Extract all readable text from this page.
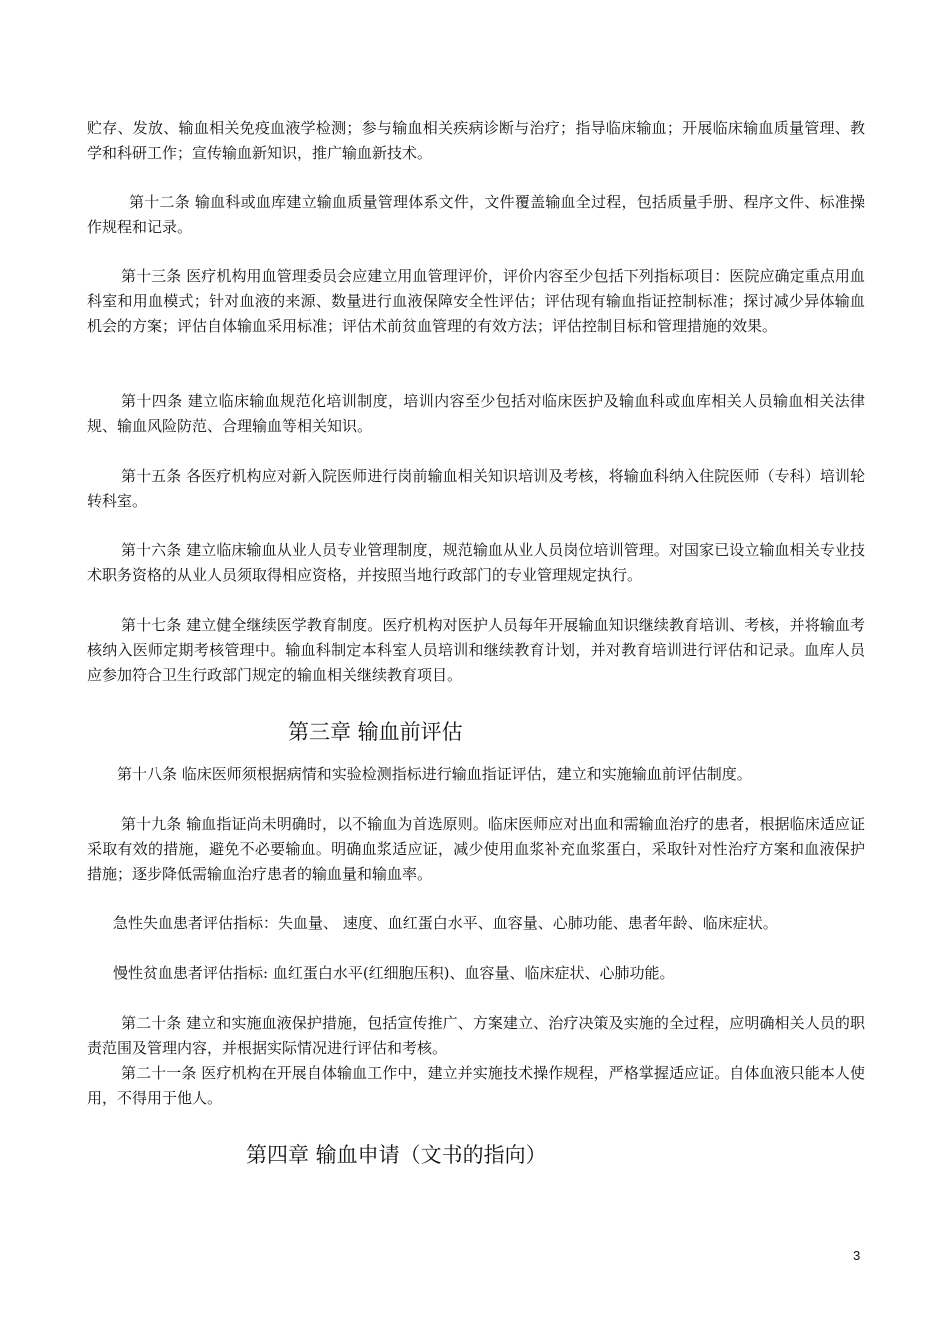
贮存、发放、输血相关免疫血液学检测；参与输血相关疾病诊断与治疗；指导临床输血；开展临床输血质量管理、教学和科研工作；宣传输血新知识，推广输血新技术。

第十二条 输血科或血库建立输血质量管理体系文件，文件覆盖输血全过程，包括质量手册、程序文件、标准操作规程和记录。

第十三条 医疗机构用血管理委员会应建立用血管理评价，评价内容至少包括下列指标项目：医院应确定重点用血科室和用血模式；针对血液的来源、数量进行血液保障安全性评估；评估现有输血指证控制标准；探讨减少异体输血机会的方案；评估自体输血采用标准；评估术前贫血管理的有效方法；评估控制目标和管理措施的效果。

第十四条 建立临床输血规范化培训制度，培训内容至少包括对临床医护及输血科或血库相关人员输血相关法律规、输血风险防范、合理输血等相关知识。

第十五条 各医疗机构应对新入院医师进行岗前输血相关知识培训及考核，将输血科纳入住院医师（专科）培训轮转科室。

第十六条 建立临床输血从业人员专业管理制度，规范输血从业人员岗位培训管理。对国家已设立输血相关专业技术职务资格的从业人员须取得相应资格，并按照当地行政部门的专业管理规定执行。

第十七条 建立健全继续医学教育制度。医疗机构对医护人员每年开展输血知识继续教育培训、考核，并将输血考核纳入医师定期考核管理中。输血科制定本科室人员培训和继续教育计划，并对教育培训进行评估和记录。血库人员应参加符合卫生行政部门规定的输血相关继续教育项目。

第三章 输血前评估

第十八条 临床医师须根据病情和实验检测指标进行输血指证评估，建立和实施输血前评估制度。

第十九条 输血指证尚未明确时，以不输血为首选原则。临床医师应对出血和需输血治疗的患者，根据临床适应证采取有效的措施，避免不必要输血。明确血浆适应证，减少使用血浆补充血浆蛋白，采取针对性治疗方案和血液保护措施；逐步降低需输血治疗患者的输血量和输血率。

急性失血患者评估指标：失血量、 速度、血红蛋白水平、血容量、心肺功能、患者年龄、临床症状。

慢性贫血患者评估指标: 血红蛋白水平(红细胞压积)、血容量、临床症状、心肺功能。

第二十条 建立和实施血液保护措施，包括宣传推广、方案建立、治疗决策及实施的全过程，应明确相关人员的职责范围及管理内容，并根据实际情况进行评估和考核。

第二十一条 医疗机构在开展自体输血工作中，建立并实施技术操作规程，严格掌握适应证。自体血液只能本人使用，不得用于他人。

第四章 输血申请（文书的指向）
3
